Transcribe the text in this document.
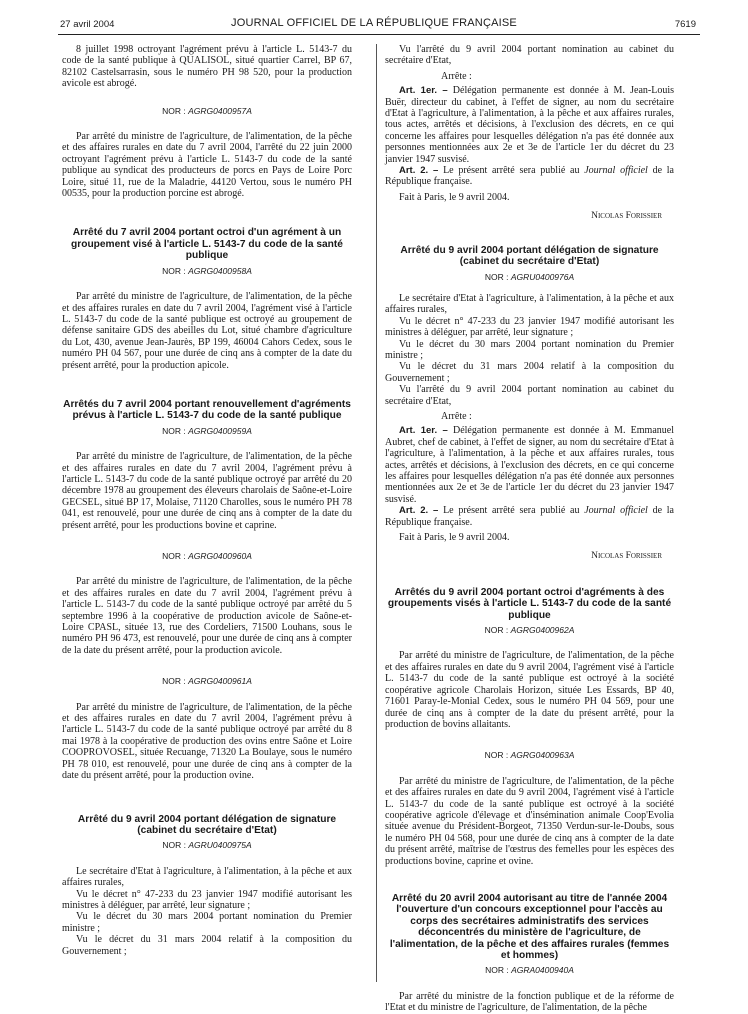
27 avril 2004	JOURNAL OFFICIEL DE LA RÉPUBLIQUE FRANÇAISE	7619

8 juillet 1998 octroyant l'agrément prévu à l'article L. 5143-7 du code de la santé publique à QUALISOL, situé quartier Carrel, BP 67, 82102 Castelsarrasin, sous le numéro PH 98 520, pour la production avicole est abrogé.

NOR : AGRG0400957A

Par arrêté du ministre de l'agriculture, de l'alimentation, de la pêche et des affaires rurales en date du 7 avril 2004, l'arrêté du 22 juin 2000 octroyant l'agrément prévu à l'article L. 5143-7 du code de la santé publique au syndicat des producteurs de porcs en Pays de Loire Porc Loire, situé 11, rue de la Maladrie, 44120 Vertou, sous le numéro PH 00535, pour la production porcine est abrogé.

Arrêté du 7 avril 2004 portant octroi d'un agrément à un groupement visé à l'article L. 5143-7 du code de la santé publique

NOR : AGRG0400958A

Par arrêté du ministre de l'agriculture, de l'alimentation, de la pêche et des affaires rurales en date du 7 avril 2004, l'agrément visé à l'article L. 5143-7 du code de la santé publique est octroyé au groupement de défense sanitaire GDS des abeilles du Lot, situé chambre d'agriculture du Lot, 430, avenue Jean-Jaurès, BP 199, 46004 Cahors Cedex, sous le numéro PH 04 567, pour une durée de cinq ans à compter de la date du présent arrêté, pour la production apicole.

Arrêtés du 7 avril 2004 portant renouvellement d'agréments prévus à l'article L. 5143-7 du code de la santé publique

NOR : AGRG0400959A

Par arrêté du ministre de l'agriculture, de l'alimentation, de la pêche et des affaires rurales en date du 7 avril 2004, l'agrément prévu à l'article L. 5143-7 du code de la santé publique octroyé par arrêté du 20 décembre 1978 au groupement des éleveurs charolais de Saône-et-Loire GECSEL, situé BP 17, Molaise, 71120 Charolles, sous le numéro PH 78 041, est renouvelé, pour une durée de cinq ans à compter de la date du présent arrêté, pour les productions bovine et caprine.

NOR : AGRG0400960A

Par arrêté du ministre de l'agriculture, de l'alimentation, de la pêche et des affaires rurales en date du 7 avril 2004, l'agrément prévu à l'article L. 5143-7 du code de la santé publique octroyé par arrêté du 5 septembre 1996 à la coopérative de production avicole de Saône-et-Loire CPASL, située 13, rue des Cordeliers, 71500 Louhans, sous le numéro PH 96 473, est renouvelé, pour une durée de cinq ans à compter de la date du présent arrêté, pour la production avicole.

NOR : AGRG0400961A

Par arrêté du ministre de l'agriculture, de l'alimentation, de la pêche et des affaires rurales en date du 7 avril 2004, l'agrément prévu à l'article L. 5143-7 du code de la santé publique octroyé par arrêté du 8 mai 1978 à la coopérative de production des ovins entre Saône et Loire COOPROVOSEL, située Recuange, 71320 La Boulaye, sous le numéro PH 78 010, est renouvelé, pour une durée de cinq ans à compter de la date du présent arrêté, pour la production ovine.

Arrêté du 9 avril 2004 portant délégation de signature (cabinet du secrétaire d'Etat)

NOR : AGRU0400975A

Le secrétaire d'Etat à l'agriculture, à l'alimentation, à la pêche et aux affaires rurales,

Vu le décret n° 47-233 du 23 janvier 1947 modifié autorisant les ministres à déléguer, par arrêté, leur signature ;

Vu le décret du 30 mars 2004 portant nomination du Premier ministre ;

Vu le décret du 31 mars 2004 relatif à la composition du Gouvernement ;

Vu l'arrêté du 9 avril 2004 portant nomination au cabinet du secrétaire d'Etat,

Arrête :

Art. 1er. – Délégation permanente est donnée à M. Jean-Louis Buër, directeur du cabinet, à l'effet de signer, au nom du secrétaire d'Etat à l'agriculture, à l'alimentation, à la pêche et aux affaires rurales, tous actes, arrêtés et décisions, à l'exclusion des décrets, en ce qui concerne les affaires pour lesquelles délégation n'a pas été donnée aux personnes mentionnées aux 2e et 3e de l'article 1er du décret du 23 janvier 1947 susvisé.

Art. 2. – Le présent arrêté sera publié au Journal officiel de la République française.

Fait à Paris, le 9 avril 2004.

Nicolas Forissier

Arrêté du 9 avril 2004 portant délégation de signature (cabinet du secrétaire d'Etat)

NOR : AGRU0400976A

Le secrétaire d'Etat à l'agriculture, à l'alimentation, à la pêche et aux affaires rurales,

Vu le décret n° 47-233 du 23 janvier 1947 modifié autorisant les ministres à déléguer, par arrêté, leur signature ;

Vu le décret du 30 mars 2004 portant nomination du Premier ministre ;

Vu le décret du 31 mars 2004 relatif à la composition du Gouvernement ;

Vu l'arrêté du 9 avril 2004 portant nomination au cabinet du secrétaire d'Etat,

Arrête :

Art. 1er. – Délégation permanente est donnée à M. Emmanuel Aubret, chef de cabinet, à l'effet de signer, au nom du secrétaire d'Etat à l'agriculture, à l'alimentation, à la pêche et aux affaires rurales, tous actes, arrêtés et décisions, à l'exclusion des décrets, en ce qui concerne les affaires pour lesquelles délégation n'a pas été donnée aux personnes mentionnées aux 2e et 3e de l'article 1er du décret du 23 janvier 1947 susvisé.

Art. 2. – Le présent arrêté sera publié au Journal officiel de la République française.

Fait à Paris, le 9 avril 2004.

Nicolas Forissier

Arrêtés du 9 avril 2004 portant octroi d'agréments à des groupements visés à l'article L. 5143-7 du code de la santé publique

NOR : AGRG0400962A

Par arrêté du ministre de l'agriculture, de l'alimentation, de la pêche et des affaires rurales en date du 9 avril 2004, l'agrément visé à l'article L. 5143-7 du code de la santé publique est octroyé à la société coopérative agricole Charolais Horizon, située Les Essards, BP 40, 71601 Paray-le-Monial Cedex, sous le numéro PH 04 569, pour une durée de cinq ans à compter de la date du présent arrêté, pour la production de bovins allaitants.

NOR : AGRG0400963A

Par arrêté du ministre de l'agriculture, de l'alimentation, de la pêche et des affaires rurales en date du 9 avril 2004, l'agrément visé à l'article L. 5143-7 du code de la santé publique est octroyé à la société coopérative agricole d'élevage et d'insémination animale Coop'Evolia située avenue du Président-Borgeot, 71350 Verdun-sur-le-Doubs, sous le numéro PH 04 568, pour une durée de cinq ans à compter de la date du présent arrêté, maîtrise de l'œstrus des femelles pour les espèces des productions bovine, caprine et ovine.

Arrêté du 20 avril 2004 autorisant au titre de l'année 2004 l'ouverture d'un concours exceptionnel pour l'accès au corps des secrétaires administratifs des services déconcentrés du ministère de l'agriculture, de l'alimentation, de la pêche et des affaires rurales (femmes et hommes)

NOR : AGRA0400940A

Par arrêté du ministre de la fonction publique et de la réforme de l'Etat et du ministre de l'agriculture, de l'alimentation, de la pêche
